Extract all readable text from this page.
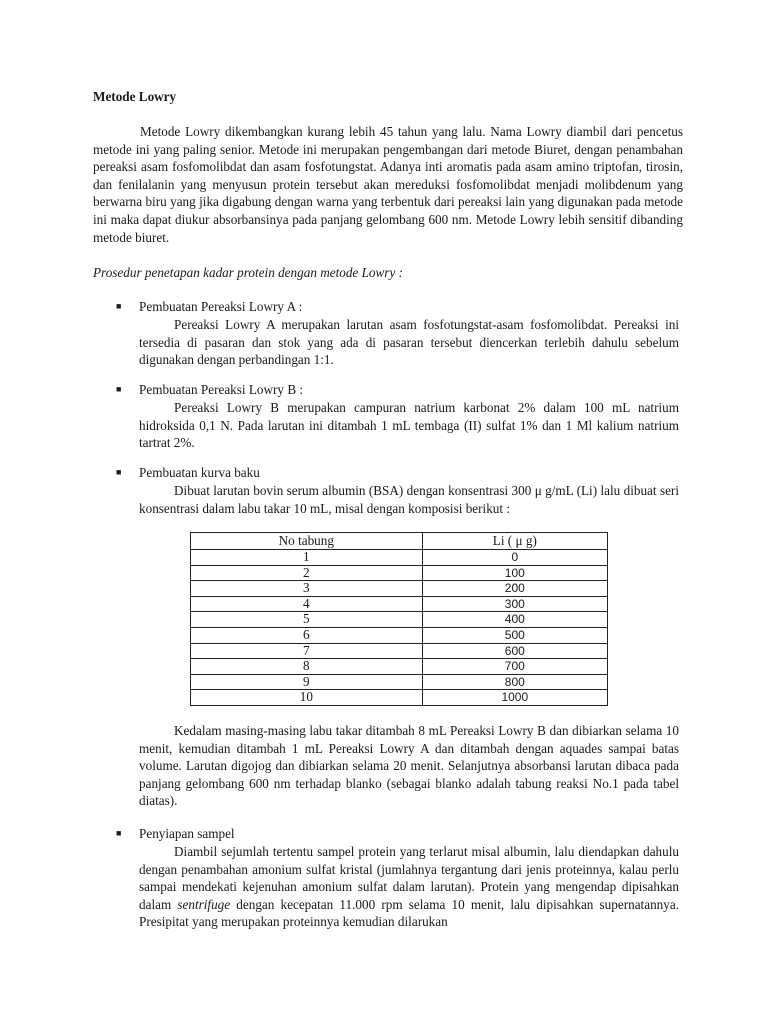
Metode Lowry
Metode Lowry dikembangkan kurang lebih 45 tahun yang lalu. Nama Lowry diambil dari pencetus metode ini yang paling senior. Metode ini merupakan pengembangan dari metode Biuret, dengan penambahan pereaksi asam fosfomolibdat dan asam fosfotungstat. Adanya inti aromatis pada asam amino triptofan, tirosin, dan fenilalanin yang menyusun protein tersebut akan mereduksi fosfomolibdat menjadi molibdenum yang berwarna biru yang jika digabung dengan warna yang terbentuk dari pereaksi lain yang digunakan pada metode ini maka dapat diukur absorbansinya pada panjang gelombang 600 nm. Metode Lowry lebih sensitif dibanding metode biuret.
Prosedur penetapan kadar protein dengan metode Lowry :
■	Pembuatan Pereaksi Lowry A :
Pereaksi Lowry A merupakan larutan asam fosfotungstat-asam fosfomolibdat. Pereaksi ini tersedia di pasaran dan stok yang ada di pasaran tersebut diencerkan terlebih dahulu sebelum digunakan dengan perbandingan 1:1.
■	Pembuatan Pereaksi Lowry B :
Pereaksi Lowry B merupakan campuran natrium karbonat 2% dalam 100 mL natrium hidroksida 0,1 N. Pada larutan ini ditambah 1 mL tembaga (II) sulfat 1% dan 1 Ml kalium natrium tartrat 2%.
■	Pembuatan kurva baku
Dibuat larutan bovin serum albumin (BSA) dengan konsentrasi 300 μ g/mL (Li) lalu dibuat seri konsentrasi dalam labu takar 10 mL, misal dengan komposisi berikut :
No tabung	Li ( μ g)
1	0
2	100
3	200
4	300
5	400
6	500
7	600
8	700
9	800
10	1000
Kedalam masing-masing labu takar ditambah 8 mL Pereaksi Lowry B dan dibiarkan selama 10 menit, kemudian ditambah 1 mL Pereaksi Lowry A dan ditambah dengan aquades sampai batas volume. Larutan digojog dan dibiarkan selama 20 menit. Selanjutnya absorbansi larutan dibaca pada panjang gelombang 600 nm terhadap blanko (sebagai blanko adalah tabung reaksi No.1 pada tabel diatas).
■	Penyiapan sampel
Diambil sejumlah tertentu sampel protein yang terlarut misal albumin, lalu diendapkan dahulu dengan penambahan amonium sulfat kristal (jumlahnya tergantung dari jenis proteinnya, kalau perlu sampai mendekati kejenuhan amonium sulfat dalam larutan). Protein yang mengendap dipisahkan dalam sentrifuge dengan kecepatan 11.000 rpm selama 10 menit, lalu dipisahkan supernatannya. Presipitat yang merupakan proteinnya kemudian dilarukan
